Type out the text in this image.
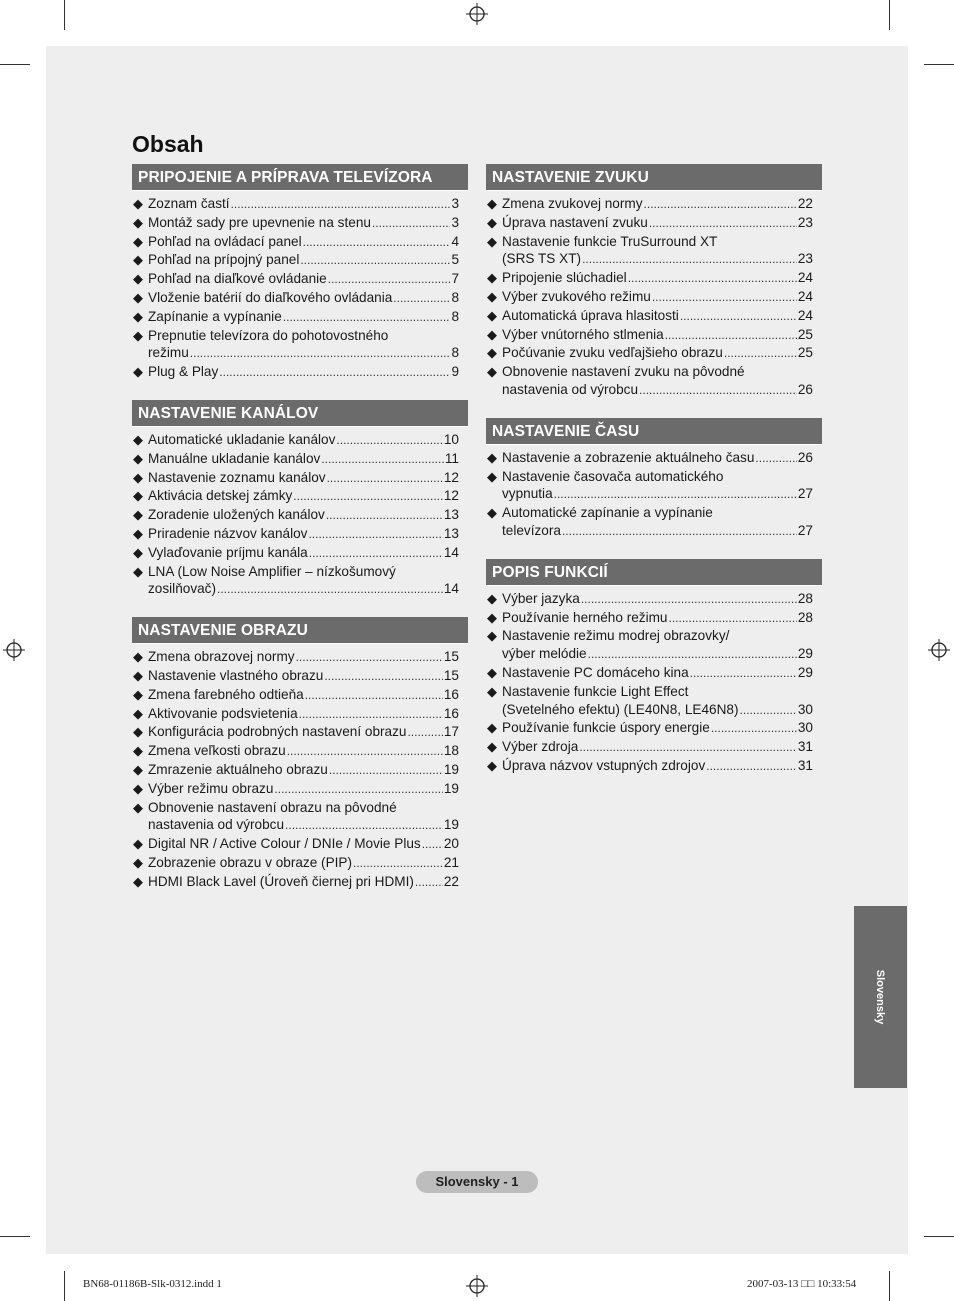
Obsah
PRIPOJENIE A PRÍPRAVA TELEVÍZORA
◆ Zoznam častí .....	3
◆ Montáž sady pre upevnenie na stenu .....	3
◆ Pohľad na ovládací panel .....	4
◆ Pohľad na prípojný panel .....	5
◆ Pohľad na diaľkové ovládanie .....	7
◆ Vloženie batérií do diaľkového ovládania .....	8
◆ Zapínanie a vypínanie .....	8
◆ Prepnutie televízora do pohotovostného
režimu .....	8
◆ Plug & Play .....	9
NASTAVENIE KANÁLOV
◆ Automatické ukladanie kanálov .....	10
◆ Manuálne ukladanie kanálov .....	11
◆ Nastavenie zoznamu kanálov .....	12
◆ Aktivácia detskej zámky .....	12
◆ Zoradenie uložených kanálov .....	13
◆ Priradenie názvov kanálov .....	13
◆ Vylaďovanie príjmu kanála .....	14
◆ LNA (Low Noise Amplifier – nízkošumový
zosilňovač) .....	14
NASTAVENIE OBRAZU
◆ Zmena obrazovej normy .....	15
◆ Nastavenie vlastného obrazu .....	15
◆ Zmena farebného odtieňa .....	16
◆ Aktivovanie podsvietenia .....	16
◆ Konfigurácia podrobných nastavení obrazu .....	17
◆ Zmena veľkosti obrazu .....	18
◆ Zmrazenie aktuálneho obrazu .....	19
◆ Výber režimu obrazu .....	19
◆ Obnovenie nastavení obrazu na pôvodné
nastavenia od výrobcu .....	19
◆ Digital NR / Active Colour / DNIe / Movie Plus ..... 20
◆ Zobrazenie obrazu v obraze (PIP) .....	21
◆ HDMI Black Lavel (Úroveň čiernej pri HDMI) ..... 22
NASTAVENIE ZVUKU
◆ Zmena zvukovej normy .....	22
◆ Úprava nastavení zvuku .....	23
◆ Nastavenie funkcie TruSurround XT
(SRS TS XT) .....	23
◆ Pripojenie slúchadiel .....	24
◆ Výber zvukového režimu .....	24
◆ Automatická úprava hlasitosti .....	24
◆ Výber vnútorného stlmenia .....	25
◆ Počúvanie zvuku vedľajšieho obrazu .....	25
◆ Obnovenie nastavení zvuku na pôvodné
nastavenia od výrobcu .....	26
NASTAVENIE ČASU
◆ Nastavenie a zobrazenie aktuálneho času .....	26
◆ Nastavenie časovača automatického
vypnutia .....	27
◆ Automatické zapínanie a vypínanie
televízora .....	27
POPIS FUNKCIÍ
◆ Výber jazyka .....	28
◆ Používanie herného režimu .....	28
◆ Nastavenie režimu modrej obrazovky/
výber melódie .....	29
◆ Nastavenie PC domáceho kina .....	29
◆ Nastavenie funkcie Light Effect
(Svetelného efektu) (LE40N8, LE46N8) .....	30
◆ Používanie funkcie úspory energie .....	30
◆ Výber zdroja .....	31
◆ Úprava názvov vstupných zdrojov .....	31
Slovensky
Slovensky - 1
BN68-01186B-Slk-0312.indd 1	2007-03-13 □□ 10:33:54
